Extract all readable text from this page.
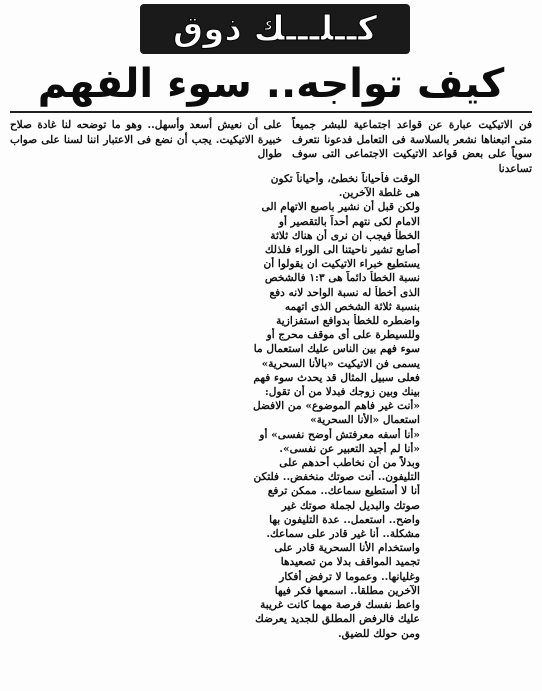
كــلـــك ذوق
كيف تواجه.. سوء الفهم
فن الاتيكيت عبارة عن قواعد اجتماعية للبشر جميعاً متى اتبعناها نشعر بالسلاسة فى التعامل فدعونا نتعرف سوياً على بعض قواعد الاتيكيت الاجتماعى التى سوف تساعدنا
على أن نعيش أسعد وأسهل.. وهو ما توضحه لنا غادة صلاح خبيرة الاتيكيت. يجب أن نضع فى الاعتبار اننا لسنا على صواب طوال
الوقت فأحياناً نخطئ، وأحياناً تكون
هى غلطة الآخرين.
ولكن قبل أن نشير باصبع الاتهام الى
الامام لكى نتهم أحداً بالتقصير أو
الخطأ فيجب ان نرى أن هناك ثلاثة
أصابع تشير ناحيتنا الى الوراء فلذلك
يستطيع خبراء الاتيكيت ان يقولوا أن
نسبة الخطأ دائماً هى ١:٣ فالشخص
الذى أخطأ له نسبة الواحد لانه دفع
بنسبة ثلاثة الشخص الذى اتهمه
واضطره للخطأ بدوافع استفزازية
وللسيطرة على أى موقف محرج أو
سوء فهم بين الناس عليك استعمال ما
يسمى فن الاتيكيت «بالأنا السحرية»
فعلى سبيل المثال قد يحدث سوء فهم
بينك وبين زوجك فبدلا من أن تقول:
«أنت غير فاهم الموضوع» من الافضل
استعمال «الأنا السحرية»
«أنا أسفه معرفتش أوضح نفسى» أو
«أنا لم أجيد التعبير عن نفسى».
وبدلاً من أن نخاطب أحدهم على
التليفون.. أنت صوتك منخفض.. فلتكن
أنا لا أستطيع سماعك.. ممكن ترفع
صوتك والبديل لجملة صوتك غير
واضح.. استعمل.. عدة التليفون بها
مشكلة.. أنا غير قادر على سماعك.
واستخدام الأنا السحرية قادر على
تجميد المواقف بدلا من تصعيدها
وغليانها.. وعموما لا ترفض أفكار
الآخرين مطلقا.. اسمعها فكر فيها
واعط نفسك فرصة مهما كانت غريبة
عليك فالرفض المطلق للجديد يعرضك
ومن حولك للضيق.
